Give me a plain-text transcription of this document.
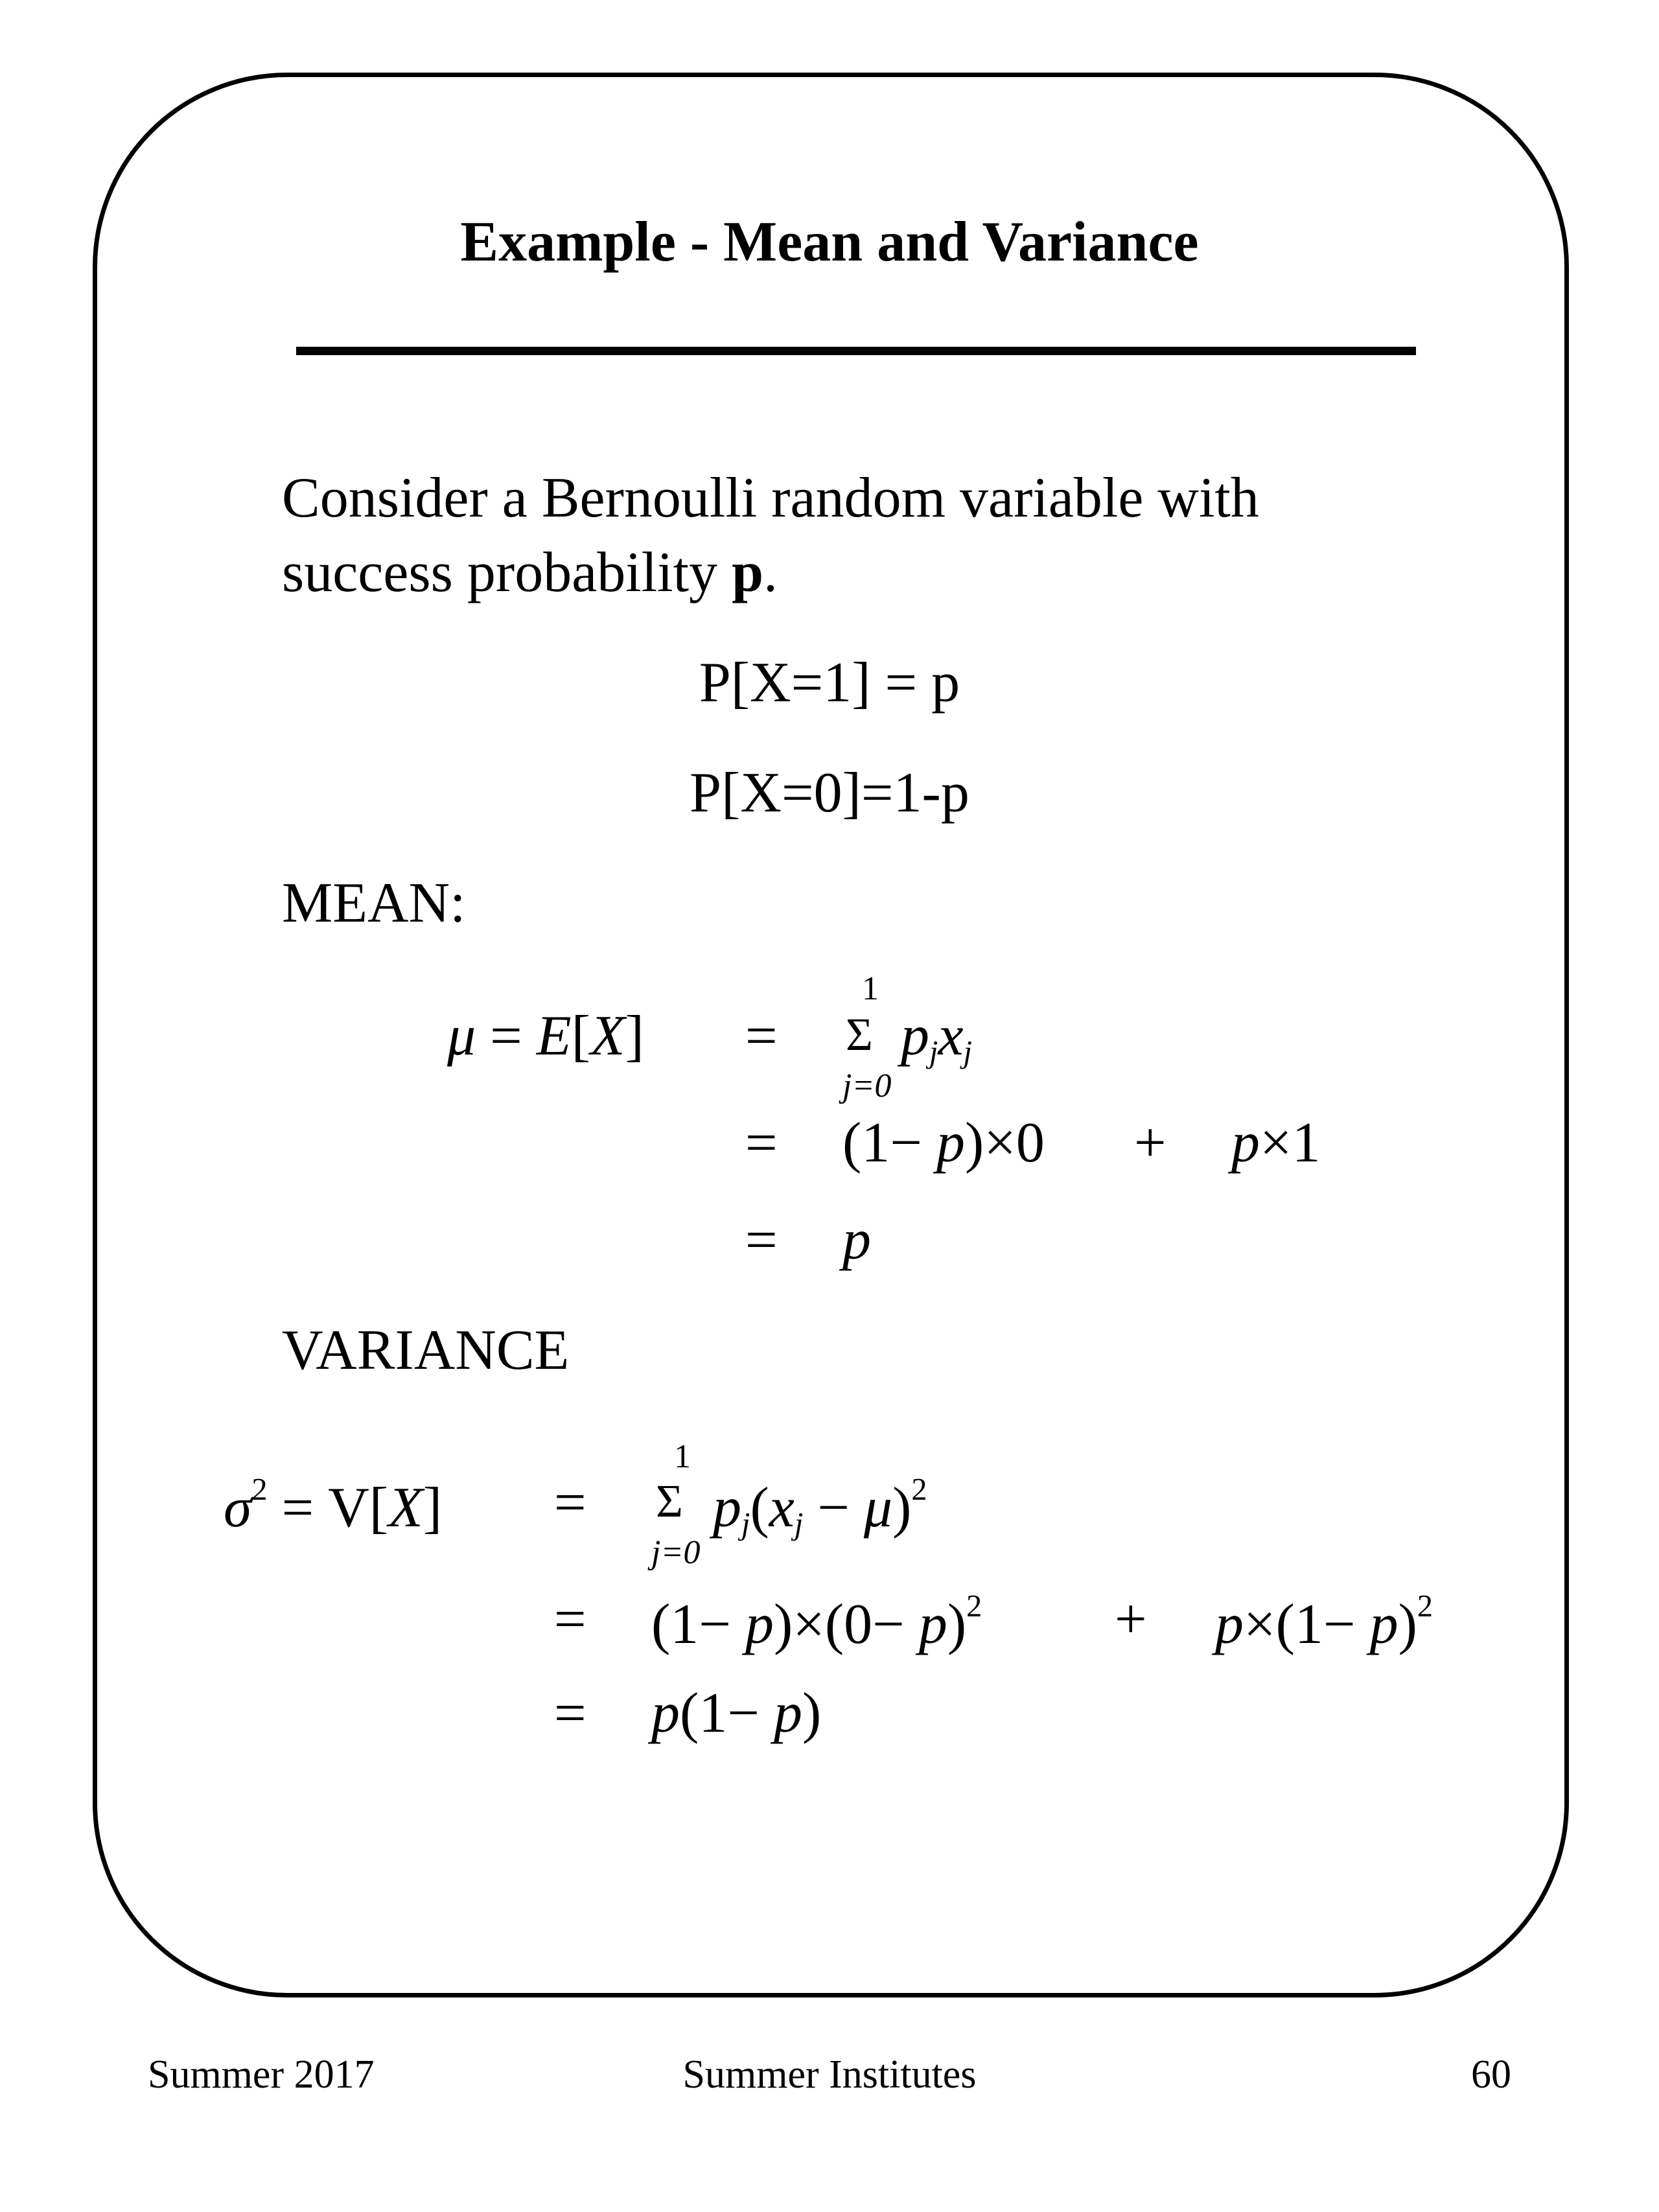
Example - Mean and Variance
Consider a Bernoulli random variable with
success probability p.
P[X=1] = p
P[X=0]=1-p
MEAN:
μ = E[X] =
1
Σ
j=0
$p_jx_j$
= (1− p)×0 + p×1
= p
VARIANCE
$\sigma^2 = V[X]$ =
1
Σ
j=0
$p_j(x_j - \mu)^2$
= $(1- p)\times(0- p)^2 + p\times(1- p)^2$
= p(1− p)
Summer 2017	Summer Institutes	60
